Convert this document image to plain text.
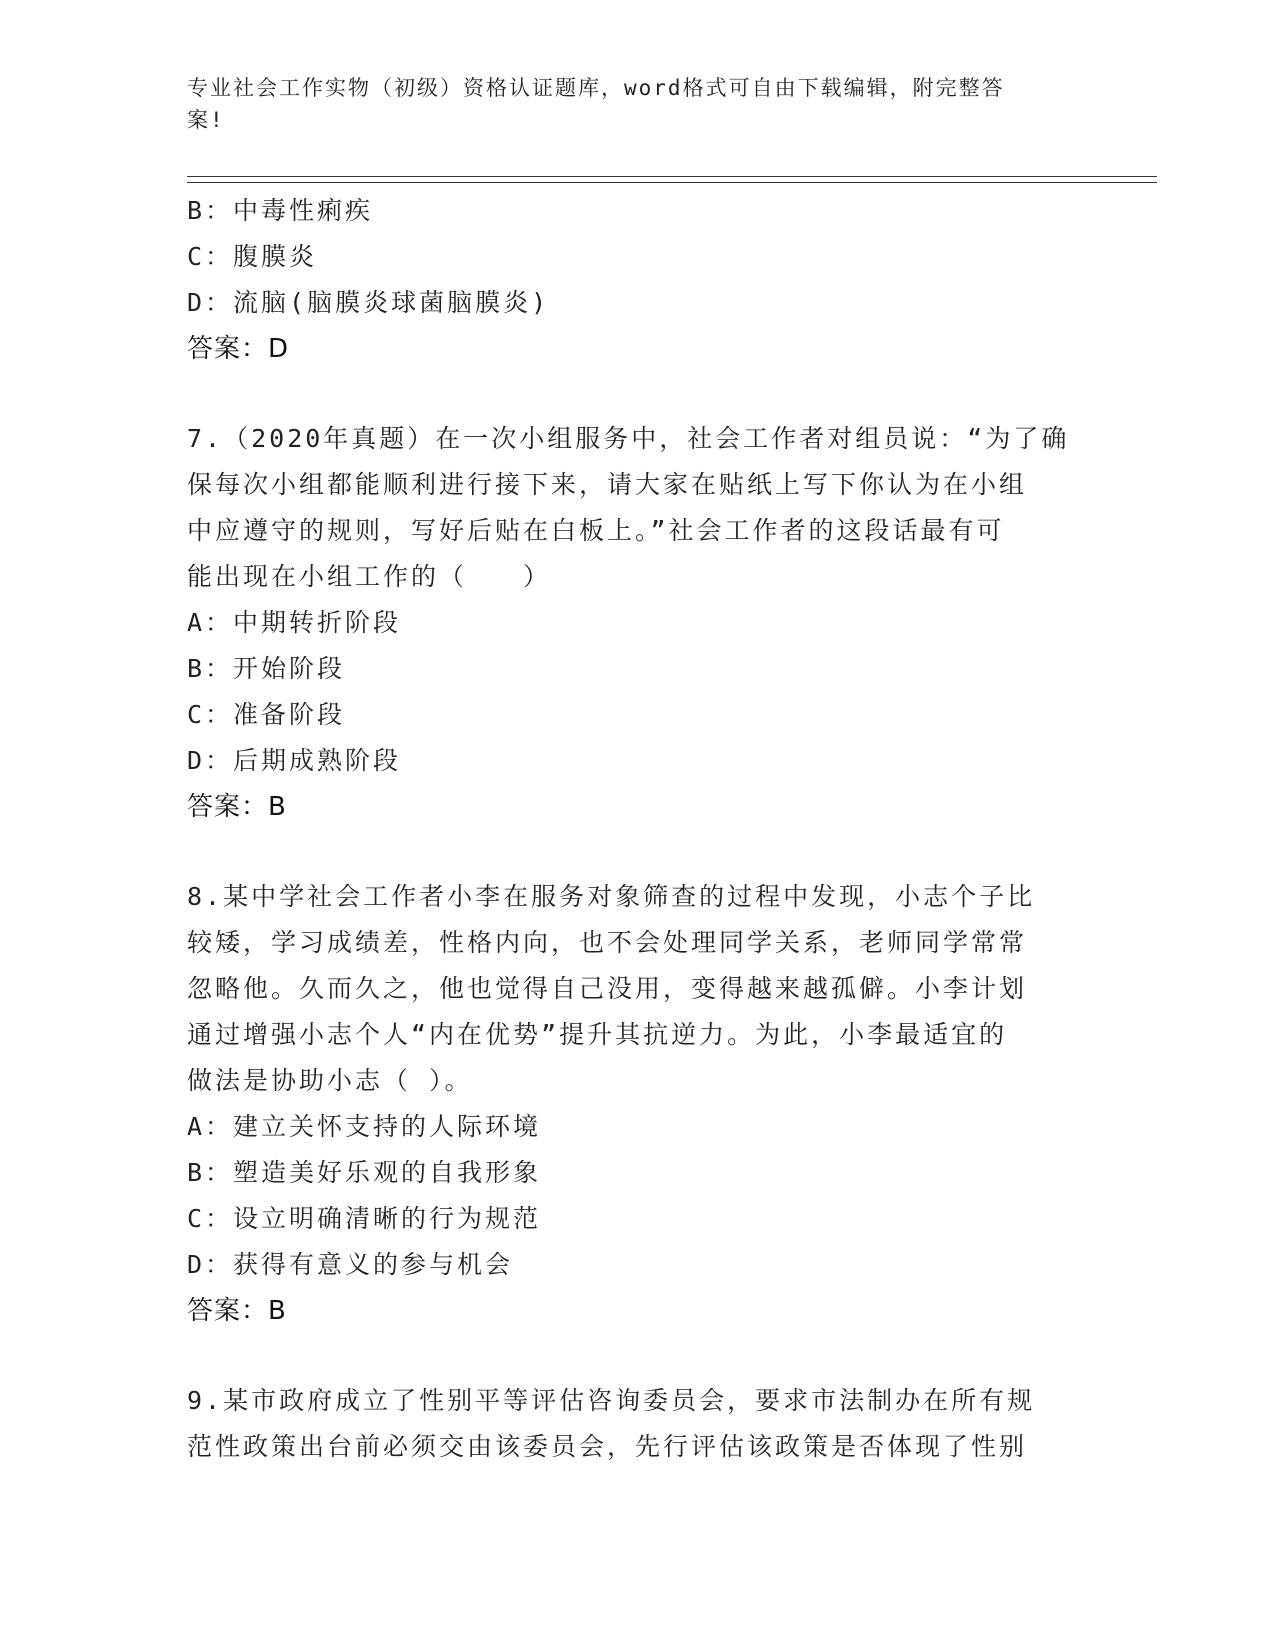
专业社会工作实物（初级）资格认证题库，word格式可自由下载编辑，附完整答
案!
B：中毒性痢疾
C：腹膜炎
D：流脑(脑膜炎球菌脑膜炎)
答案：D
7.（2020年真题）在一次小组服务中，社会工作者对组员说：“为了确
保每次小组都能顺利进行接下来，请大家在贴纸上写下你认为在小组
中应遵守的规则，写好后贴在白板上。”社会工作者的这段话最有可
能出现在小组工作的（　　）
A：中期转折阶段
B：开始阶段
C：准备阶段
D：后期成熟阶段
答案：B
8.某中学社会工作者小李在服务对象筛查的过程中发现，小志个子比
较矮，学习成绩差，性格内向，也不会处理同学关系，老师同学常常
忽略他。久而久之，他也觉得自己没用，变得越来越孤僻。小李计划
通过增强小志个人“内在优势”提升其抗逆力。为此，小李最适宜的
做法是协助小志（ ）。
A：建立关怀支持的人际环境
B：塑造美好乐观的自我形象
C：设立明确清晰的行为规范
D：获得有意义的参与机会
答案：B
9.某市政府成立了性别平等评估咨询委员会，要求市法制办在所有规
范性政策出台前必须交由该委员会，先行评估该政策是否体现了性别
